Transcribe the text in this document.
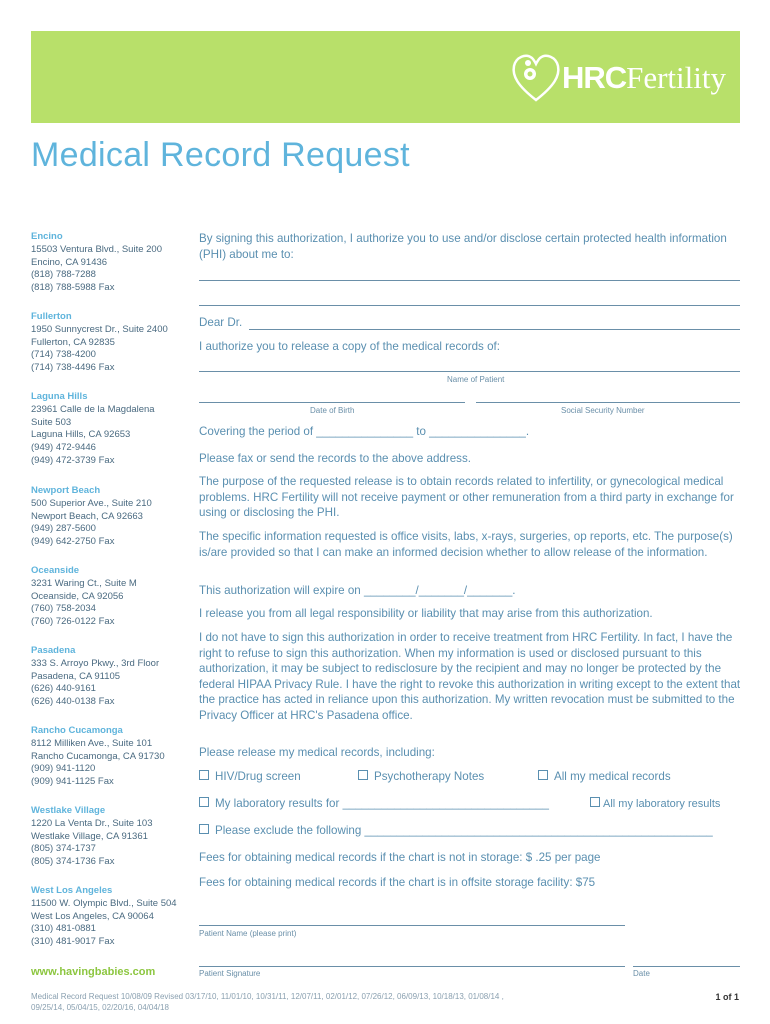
HRC Fertility
Medical Record Request
Encino
15503 Ventura Blvd., Suite 200
Encino, CA 91436
(818) 788-7288
(818) 788-5988 Fax
Fullerton
1950 Sunnycrest Dr., Suite 2400
Fullerton, CA 92835
(714) 738-4200
(714) 738-4496 Fax
Laguna Hills
23961 Calle de la Magdalena
Suite 503
Laguna Hills, CA 92653
(949) 472-9446
(949) 472-3739 Fax
Newport Beach
500 Superior Ave., Suite 210
Newport Beach, CA 92663
(949) 287-5600
(949) 642-2750 Fax
Oceanside
3231 Waring Ct., Suite M
Oceanside, CA 92056
(760) 758-2034
(760) 726-0122 Fax
Pasadena
333 S. Arroyo Pkwy., 3rd Floor
Pasadena, CA 91105
(626) 440-9161
(626) 440-0138 Fax
Rancho Cucamonga
8112 Milliken Ave., Suite 101
Rancho Cucamonga, CA 91730
(909) 941-1120
(909) 941-1125 Fax
Westlake Village
1220 La Venta Dr., Suite 103
Westlake Village, CA 91361
(805) 374-1737
(805) 374-1736 Fax
West Los Angeles
11500 W. Olympic Blvd., Suite 504
West Los Angeles, CA 90064
(310) 481-0881
(310) 481-9017 Fax
www.havingbabies.com
By signing this authorization, I authorize you to use and/or disclose certain protected health information (PHI) about me to:
Dear Dr.
I authorize you to release a copy of the medical records of:
Name of Patient
Date of Birth	Social Security Number
Covering the period of _______________ to _______________.
Please fax or send the records to the above address.
The purpose of the requested release is to obtain records related to infertility, or gynecological medical problems. HRC Fertility will not receive payment or other remuneration from a third party in exchange for using or disclosing the PHI.
The specific information requested is office visits, labs, x-rays, surgeries, op reports, etc. The purpose(s) is/are provided so that I can make an informed decision whether to allow release of the information.
This authorization will expire on ________/_______/_______.
I release you from all legal responsibility or liability that may arise from this authorization.
I do not have to sign this authorization in order to receive treatment from HRC Fertility. In fact, I have the right to refuse to sign this authorization. When my information is used or disclosed pursuant to this authorization, it may be subject to redisclosure by the recipient and may no longer be protected by the federal HIPAA Privacy Rule. I have the right to revoke this authorization in writing except to the extent that the practice has acted in reliance upon this authorization. My written revocation must be submitted to the Privacy Officer at HRC's Pasadena office.
Please release my medical records, including:
HIV/Drug screen	Psychotherapy Notes	All my medical records
My laboratory results for ________________________________	All my laboratory results
Please exclude the following ______________________________________________________
Fees for obtaining medical records if the chart is not in storage: $ .25 per page
Fees for obtaining medical records if the chart is in offsite storage facility: $75
Patient Name (please print)
Patient Signature	Date
Medical Record Request 10/08/09 Revised 03/17/10, 11/01/10, 10/31/11, 12/07/11, 02/01/12, 07/26/12, 06/09/13, 10/18/13, 01/08/14 , 09/25/14, 05/04/15, 02/20/16, 04/04/18
1 of 1
